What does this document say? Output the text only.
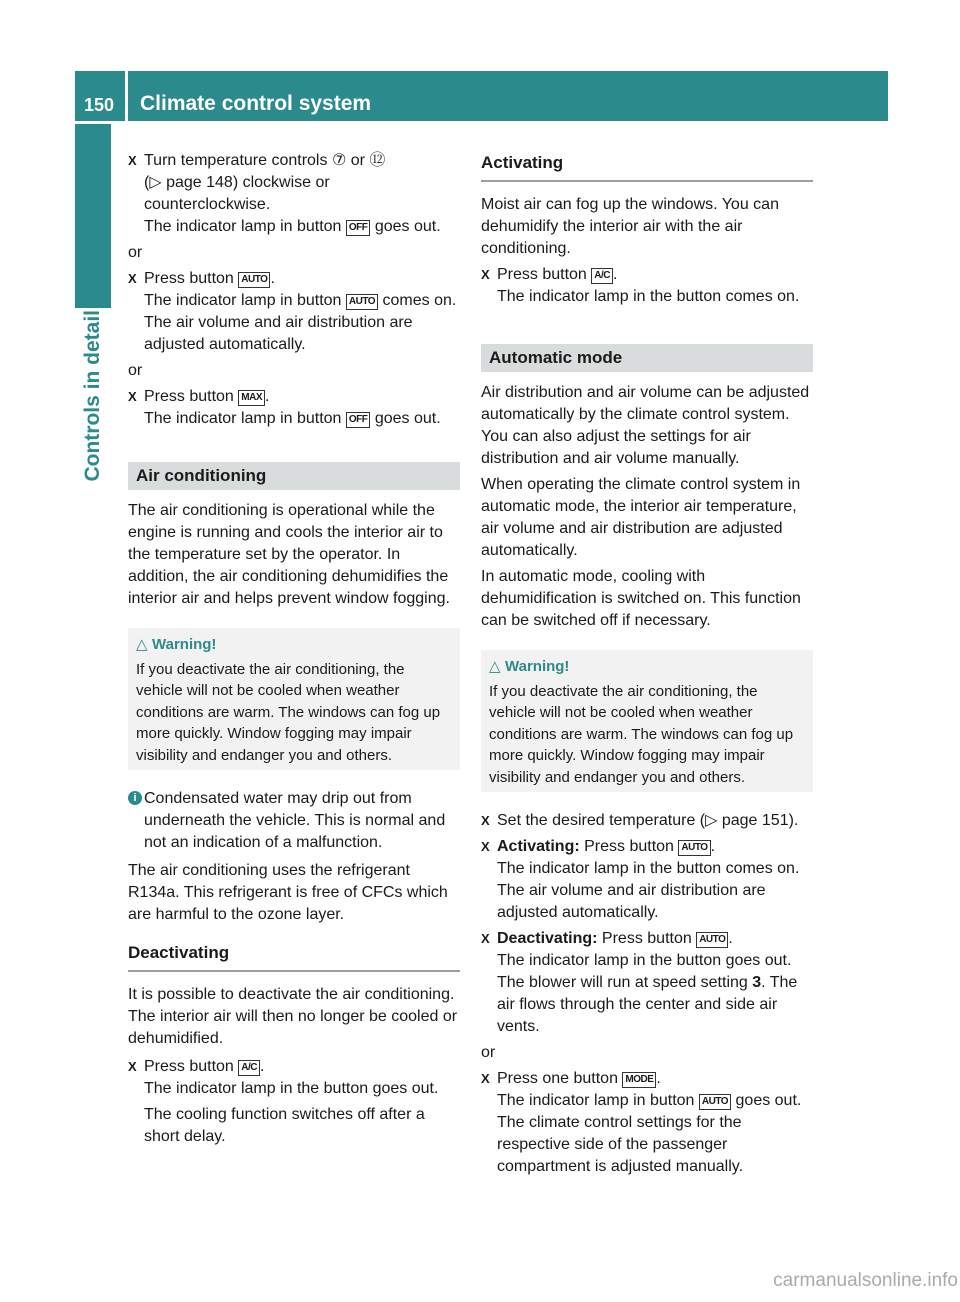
150 Climate control system
Controls in detail
X Turn temperature controls ⑦ or ⑫
(▷ page 148) clockwise or counterclockwise.
The indicator lamp in button OFF goes out.

or

X Press button AUTO .
The indicator lamp in button AUTO comes on. The air volume and air distribution are adjusted automatically.

or

X Press button MAX .
The indicator lamp in button OFF goes out.
Air conditioning

The air conditioning is operational while the engine is running and cools the interior air to the temperature set by the operator. In addition, the air conditioning dehumidifies the interior air and helps prevent window fogging.

△ Warning!
If you deactivate the air conditioning, the vehicle will not be cooled when weather conditions are warm. The windows can fog up more quickly. Window fogging may impair visibility and endanger you and others.
i Condensated water may drip out from underneath the vehicle. This is normal and not an indication of a malfunction.

The air conditioning uses the refrigerant R134a. This refrigerant is free of CFCs which are harmful to the ozone layer.

Deactivating

It is possible to deactivate the air conditioning. The interior air will then no longer be cooled or dehumidified.

X Press button A/C .
The indicator lamp in the button goes out.
The cooling function switches off after a short delay.
Activating

Moist air can fog up the windows. You can dehumidify the interior air with the air conditioning.

X Press button A/C .
The indicator lamp in the button comes on.
Automatic mode

Air distribution and air volume can be adjusted automatically by the climate control system. You can also adjust the settings for air distribution and air volume manually.

When operating the climate control system in automatic mode, the interior air temperature, air volume and air distribution are adjusted automatically.

In automatic mode, cooling with dehumidification is switched on. This function can be switched off if necessary.

△ Warning!
If you deactivate the air conditioning, the vehicle will not be cooled when weather conditions are warm. The windows can fog up more quickly. Window fogging may impair visibility and endanger you and others.
X Set the desired temperature (▷ page 151).
X Activating: Press button AUTO .
The indicator lamp in the button comes on. The air volume and air distribution are adjusted automatically.
X Deactivating: Press button AUTO .
The indicator lamp in the button goes out. The blower will run at speed setting 3. The air flows through the center and side air vents.

or

X Press one button MODE .
The indicator lamp in button AUTO goes out. The climate control settings for the respective side of the passenger compartment is adjusted manually.
carmanualsonline.info
